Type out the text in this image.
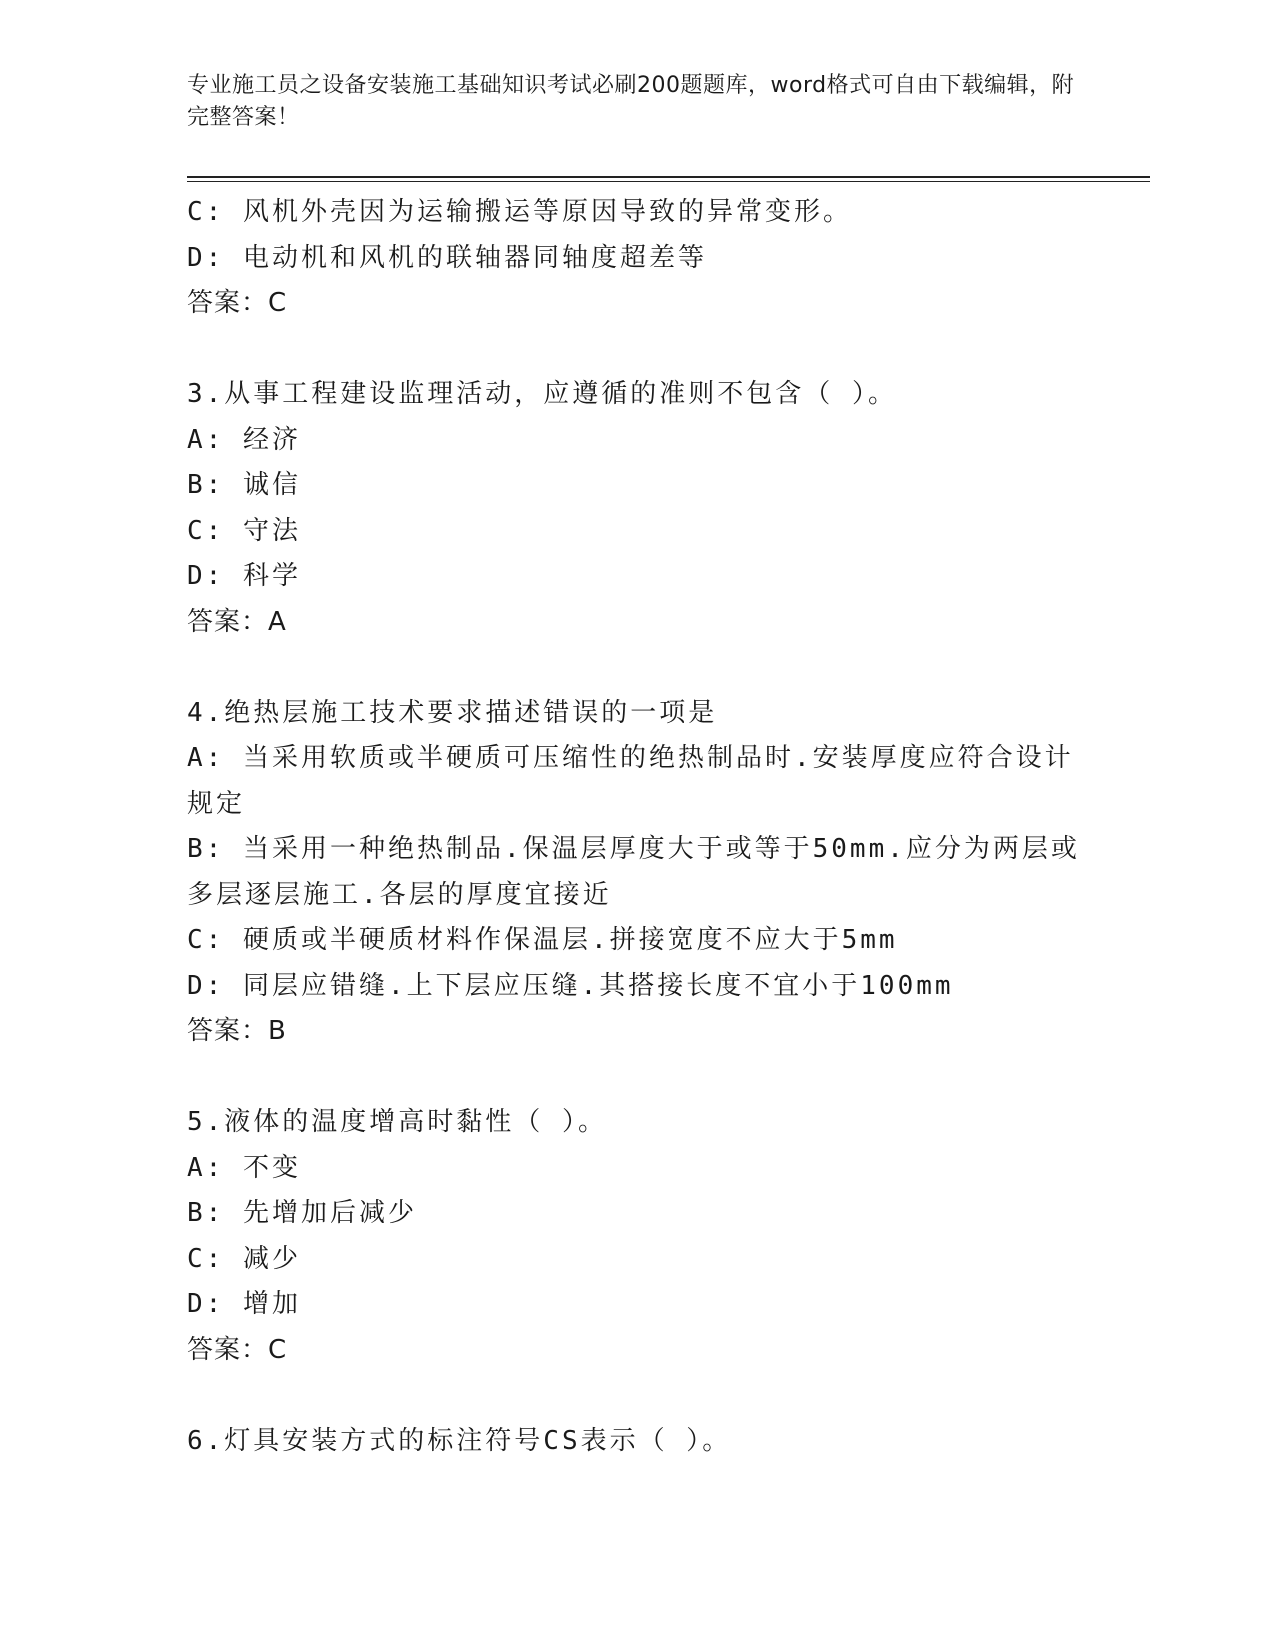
专业施工员之设备安装施工基础知识考试必刷200题题库，word格式可自由下载编辑，附完整答案！
C: 风机外壳因为运输搬运等原因导致的异常变形。
D: 电动机和风机的联轴器同轴度超差等
答案：C
3.从事工程建设监理活动，应遵循的准则不包含（ ）。
A: 经济
B: 诚信
C: 守法
D: 科学
答案：A
4.绝热层施工技术要求描述错误的一项是
A: 当采用软质或半硬质可压缩性的绝热制品时.安装厚度应符合设计规定
B: 当采用一种绝热制品.保温层厚度大于或等于50mm.应分为两层或多层逐层施工.各层的厚度宜接近
C: 硬质或半硬质材料作保温层.拼接宽度不应大于5mm
D: 同层应错缝.上下层应压缝.其搭接长度不宜小于100mm
答案：B
5.液体的温度增高时黏性（ ）。
A: 不变
B: 先增加后减少
C: 减少
D: 增加
答案：C
6.灯具安装方式的标注符号CS表示（ ）。
